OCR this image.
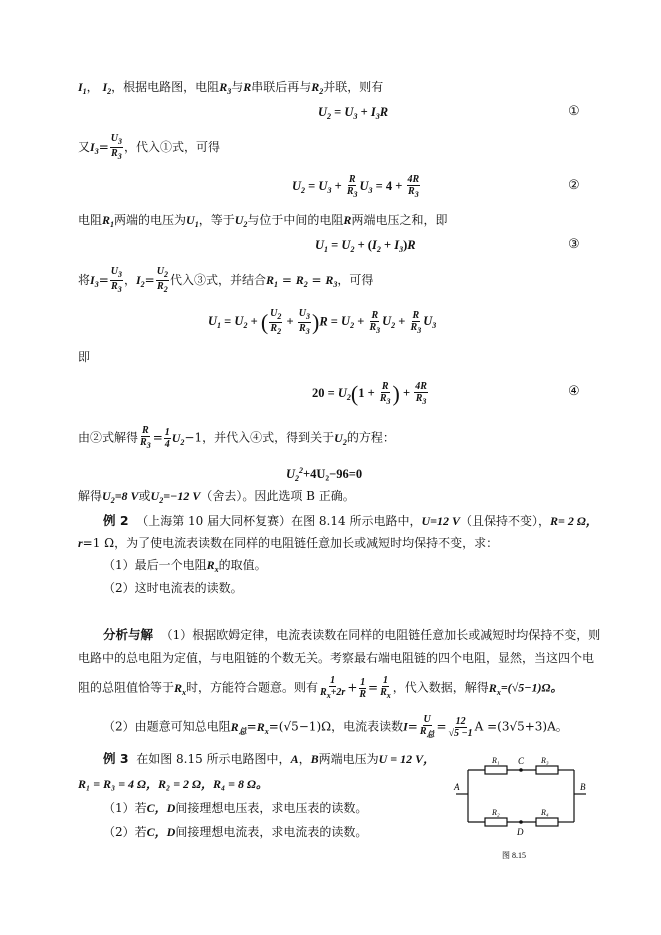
$I_1$， $I_2$，根据电路图，电阻$R_3$与R串联后再与$R_2$并联，则有
$U_2 = U_3 + I_3R$	①
又$I_3= \frac{U_3}{R_3}$ ，代入①式，可得
$U_2 = U_3 + \frac{R}{R_3} U_3 = 4 + \frac{4R}{R_3}$	②
电阻$R_1$两端的电压为$U_1$，等于$U_2$与位于中间的电阻R两端电压之和，即
$U_1 = U_2 + (I_2 + I_3)R$	③
将$I_3= \frac{U_3}{R_3}$ ，$I_2= \frac{U_2}{R_2}$ 代入③式，并结合$R_1 = R_2 = R_3$，可得
$U_1 = U_2$ + ( $\frac{U_2}{R_2} + \frac{U_3}{R_3} )R = U_2 + \frac{R}{R_3} U_2 + \frac{R}{R_3} U_3$
即
$20 = U_2(1 + \frac{R}{R_3}$ ) + $\frac{4R}{R_3}$	④
由②式解得 $\frac{R}{R_3} = \frac{1}{4} U_2-1$，并代入④式，得到关于$U_2$的方程：
$U_2^2+4U_2-96=0$
解得$U_2=8$ V或$U_2=-12$ V（舍去）。因此选项 B 正确。
例 2 （上海第 10 届大同杯复赛）在图 8.14 所示电路中，U=12 V（且保持不变），R= 2 Ω，
r=1 Ω，为了使电流表读数在同样的电阻链任意加长或减短时均保持不变，求：
（1）最后一个电阻$R_x$的取值。
（2）这时电流表的读数。
分析与解 （1）根据欧姆定律，电流表读数在同样的电阻链任意加长或减短时均保持不变，则
电路中的总电阻为定值，与电阻链的个数无关。考察最右端电阻链的四个电阻，显然，当这四个电
阻的总阻值恰等于$R_x$时，方能符合题意。则有 $\frac{1}{R_x+2r} + \frac{1}{R} = \frac{1}{R_x}$ ，代入数据，解得$R_x=(√5-1)\Omega$。
（2）由题意可知总电阻$R_总=R_x=(√5-1)\Omega$，电流表读数I= U
$R_总$
= $\frac{12}{√5 -1}$ A =(3√5+3)A。
例 3 在如图 8.15 所示电路图中，A，B两端电压为U = 12 V，
R₁ = R₃ = 4 Ω，R₂ = 2 Ω，R₄ = 8 Ω。
（1）若C，D间接理想电压表，求电压表的读数。
（2）若C，D间接理想电流表，求电流表的读数。
R₁	R₃
R₂	R₄
C
D
A	B
图 8.15
